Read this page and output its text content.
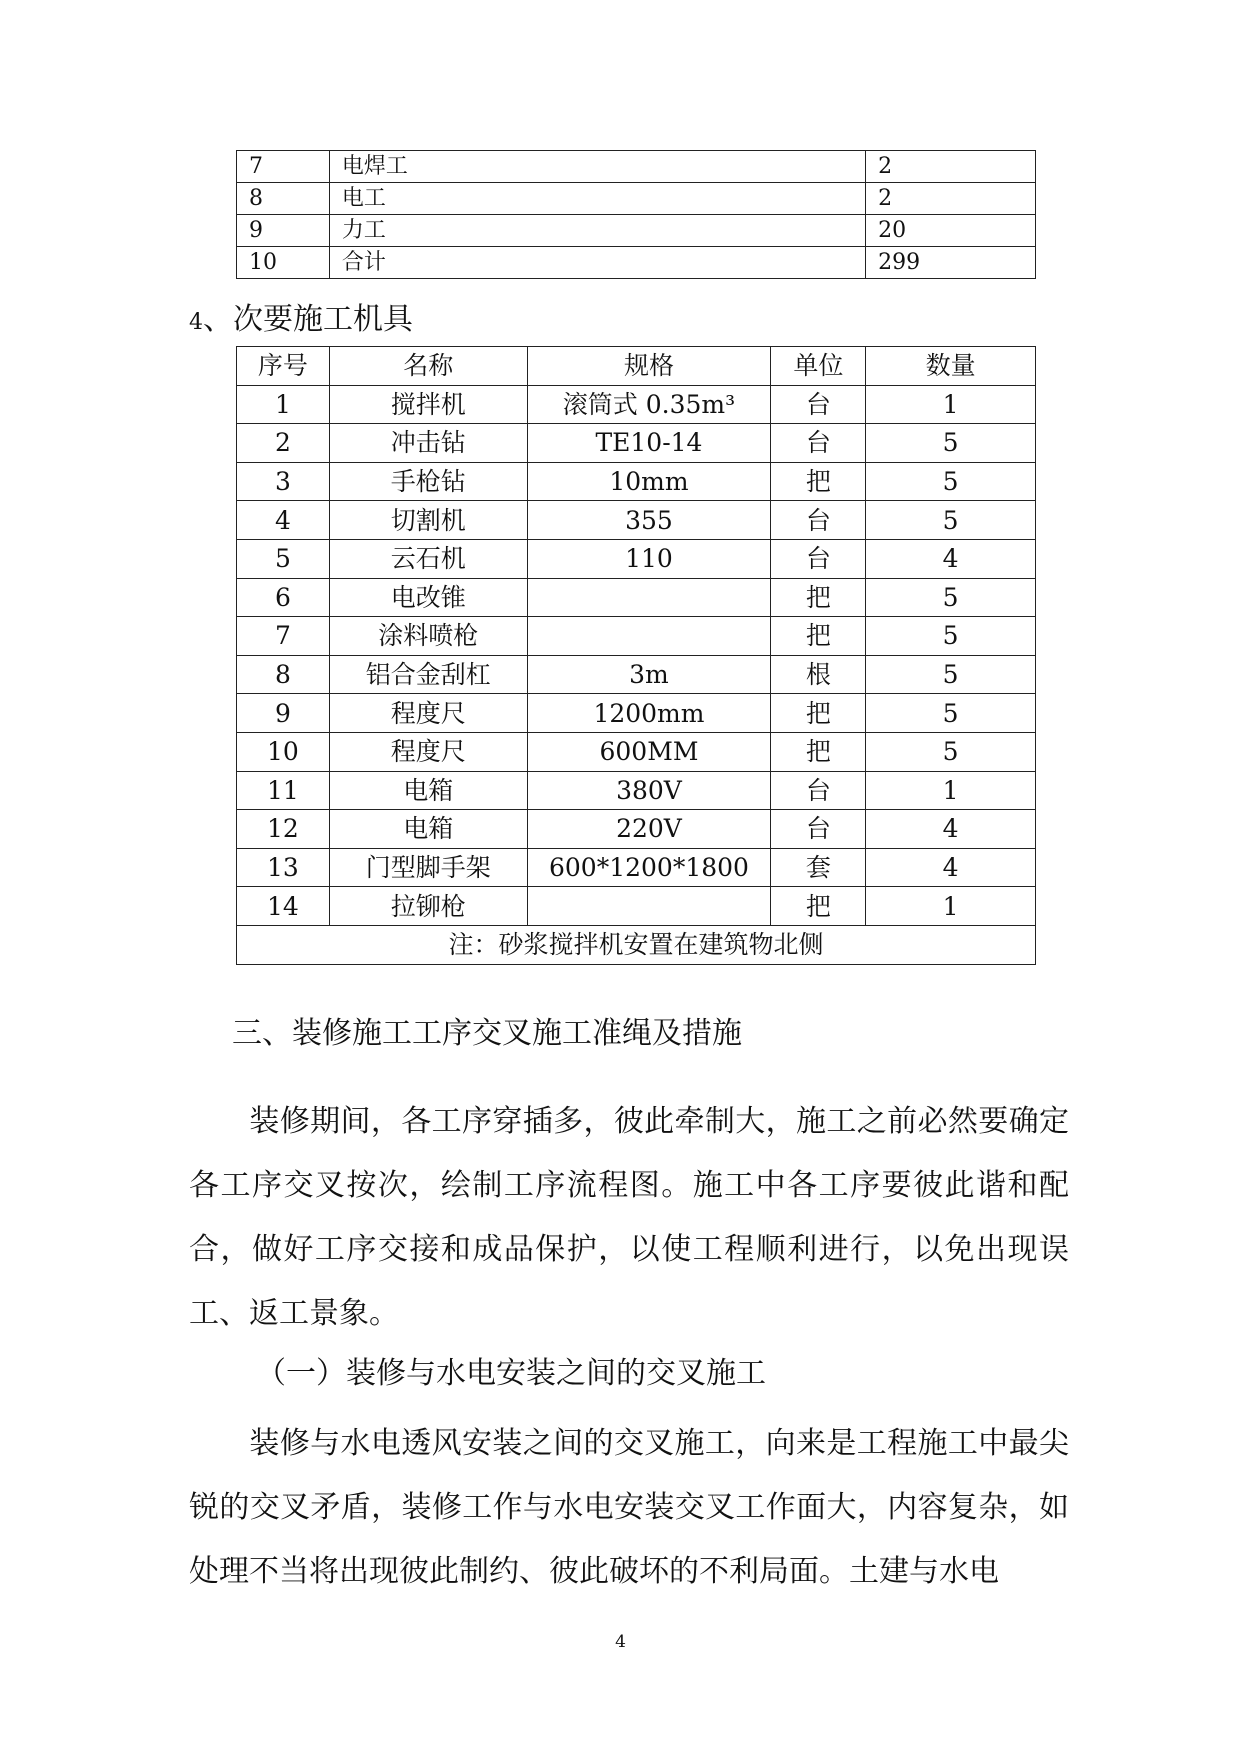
7	电焊工	2
8	电工	2
9	力工	20
10	合计	299
4、次要施工机具
序号	名称	规格	单位	数量
1	搅拌机	滚筒式 0.35m³	台	1
2	冲击钻	TE10-14	台	5
3	手枪钻	10mm	把	5
4	切割机	355	台	5
5	云石机	110	台	4
6	电改锥		把	5
7	涂料喷枪		把	5
8	铝合金刮杠	3m	根	5
9	程度尺	1200mm	把	5
10	程度尺	600MM	把	5
11	电箱	380V	台	1
12	电箱	220V	台	4
13	门型脚手架	600*1200*1800	套	4
14	拉铆枪		把	1
注：砂浆搅拌机安置在建筑物北侧				
三、装修施工工序交叉施工准绳及措施
装修期间，各工序穿插多，彼此牵制大，施工之前必然要确定各工序交叉按次，绘制工序流程图。施工中各工序要彼此谐和配合，做好工序交接和成品保护，以使工程顺利进行，以免出现误工、返工景象。
（一）装修与水电安装之间的交叉施工
装修与水电透风安装之间的交叉施工，向来是工程施工中最尖锐的交叉矛盾，装修工作与水电安装交叉工作面大，内容复杂，如处理不当将出现彼此制约、彼此破坏的不利局面。土建与水电
4
